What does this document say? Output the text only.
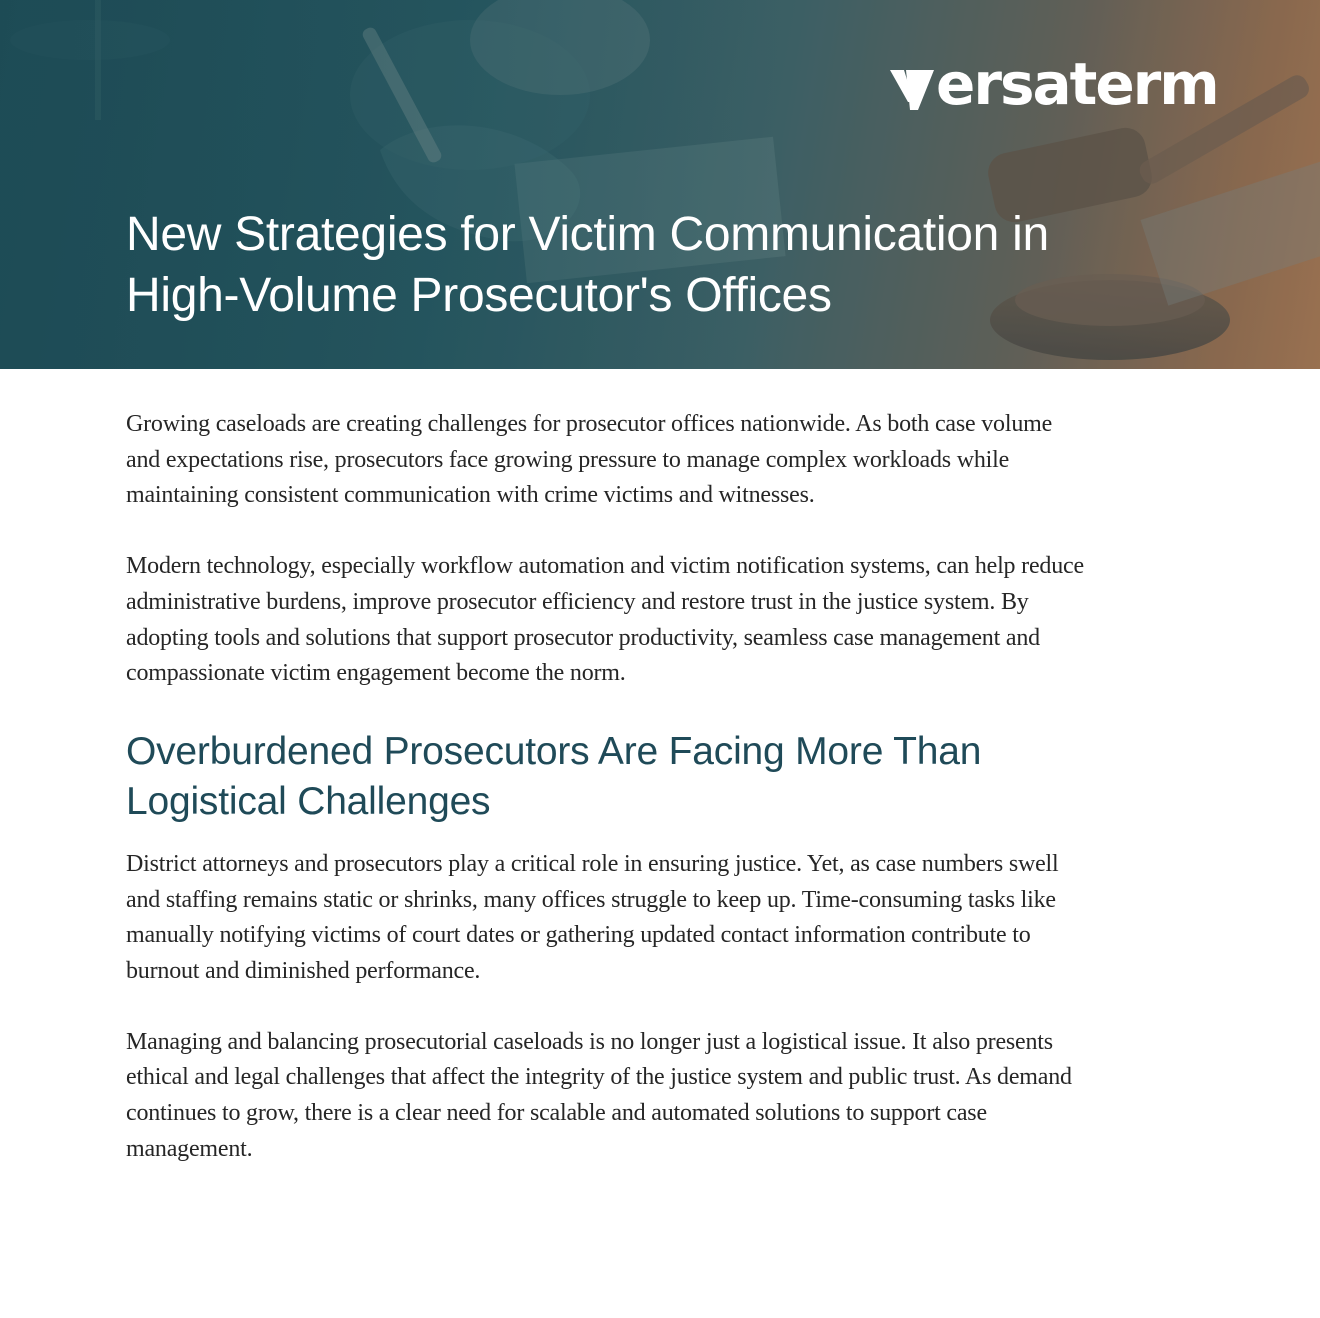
ersaterm
New Strategies for Victim Communication in
High-Volume Prosecutor's Offices

Growing caseloads are creating challenges for prosecutor offices nationwide. As both case volume
and expectations rise, prosecutors face growing pressure to manage complex workloads while
maintaining consistent communication with crime victims and witnesses.

Modern technology, especially workflow automation and victim notification systems, can help reduce
administrative burdens, improve prosecutor efficiency and restore trust in the justice system. By
adopting tools and solutions that support prosecutor productivity, seamless case management and
compassionate victim engagement become the norm.

Overburdened Prosecutors Are Facing More Than
Logistical Challenges

District attorneys and prosecutors play a critical role in ensuring justice. Yet, as case numbers swell
and staffing remains static or shrinks, many offices struggle to keep up. Time-consuming tasks like
manually notifying victims of court dates or gathering updated contact information contribute to
burnout and diminished performance.

Managing and balancing prosecutorial caseloads is no longer just a logistical issue. It also presents
ethical and legal challenges that affect the integrity of the justice system and public trust. As demand
continues to grow, there is a clear need for scalable and automated solutions to support case
management.
